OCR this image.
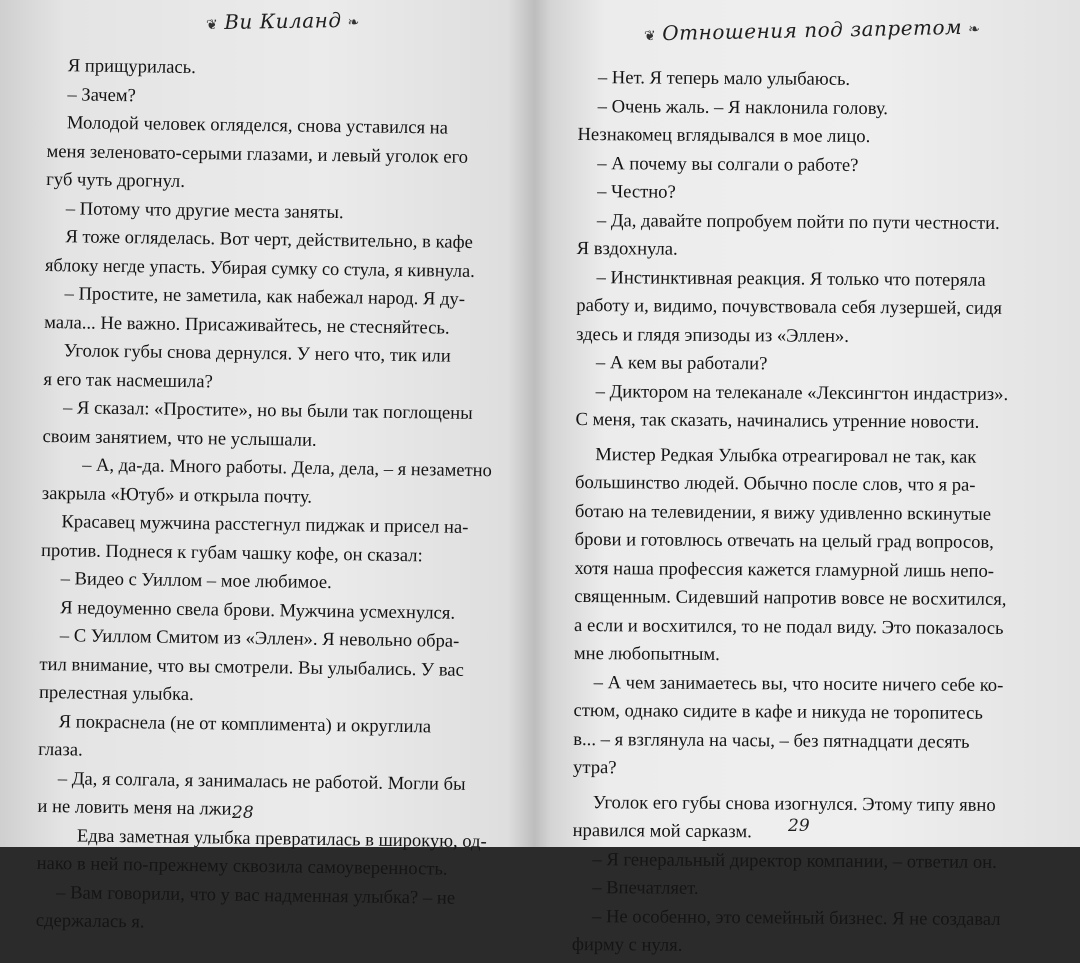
❦ Ви Киланд ❧

Я прищурилась.

– Зачем?

Молодой человек огляделся, снова уставился на

меня зеленовато-серыми глазами, и левый уголок его

губ чуть дрогнул.

– Потому что другие места заняты.

Я тоже огляделась. Вот черт, действительно, в кафе

яблоку негде упасть. Убирая сумку со стула, я кивнула.

– Простите, не заметила, как набежал народ. Я ду-

мала... Не важно. Присаживайтесь, не стесняйтесь.

Уголок губы снова дернулся. У него что, тик или

я его так насмешила?

– Я сказал: «Простите», но вы были так поглощены

своим занятием, что не услышали.

– А, да-да. Много работы. Дела, дела, – я незаметно

закрыла «Ютуб» и открыла почту.

Красавец мужчина расстегнул пиджак и присел на-

против. Поднеся к губам чашку кофе, он сказал:

– Видео с Уиллом – мое любимое.

Я недоуменно свела брови. Мужчина усмехнулся.

– С Уиллом Смитом из «Эллен». Я невольно обра-

тил внимание, что вы смотрели. Вы улыбались. У вас

прелестная улыбка.

Я покраснела (не от комплимента) и округлила

глаза.

– Да, я солгала, я занималась не работой. Могли бы

и не ловить меня на лжи.

Едва заметная улыбка превратилась в широкую, од-

нако в ней по-прежнему сквозила самоуверенность.

– Вам говорили, что у вас надменная улыбка? – не

сдержалась я.

28
❦ Отношения под запретом ❧

– Нет. Я теперь мало улыбаюсь.

– Очень жаль. – Я наклонила голову.

Незнакомец вглядывался в мое лицо.

– А почему вы солгали о работе?

– Честно?

– Да, давайте попробуем пойти по пути честности.

Я вздохнула.

– Инстинктивная реакция. Я только что потеряла

работу и, видимо, почувствовала себя лузершей, сидя

здесь и глядя эпизоды из «Эллен».

– А кем вы работали?

– Диктором на телеканале «Лексингтон индастриз».

С меня, так сказать, начинались утренние новости.

Мистер Редкая Улыбка отреагировал не так, как

большинство людей. Обычно после слов, что я ра-

ботаю на телевидении, я вижу удивленно вскинутые

брови и готовлюсь отвечать на целый град вопросов,

хотя наша профессия кажется гламурной лишь непо-

священным. Сидевший напротив вовсе не восхитился,

а если и восхитился, то не подал виду. Это показалось

мне любопытным.

– А чем занимаетесь вы, что носите ничего себе ко-

стюм, однако сидите в кафе и никуда не торопитесь

в... – я взглянула на часы, – без пятнадцати десять

утра?

Уголок его губы снова изогнулся. Этому типу явно

нравился мой сарказм.

– Я генеральный директор компании, – ответил он.

– Впечатляет.

– Не особенно, это семейный бизнес. Я не создавал

фирму с нуля.

29
